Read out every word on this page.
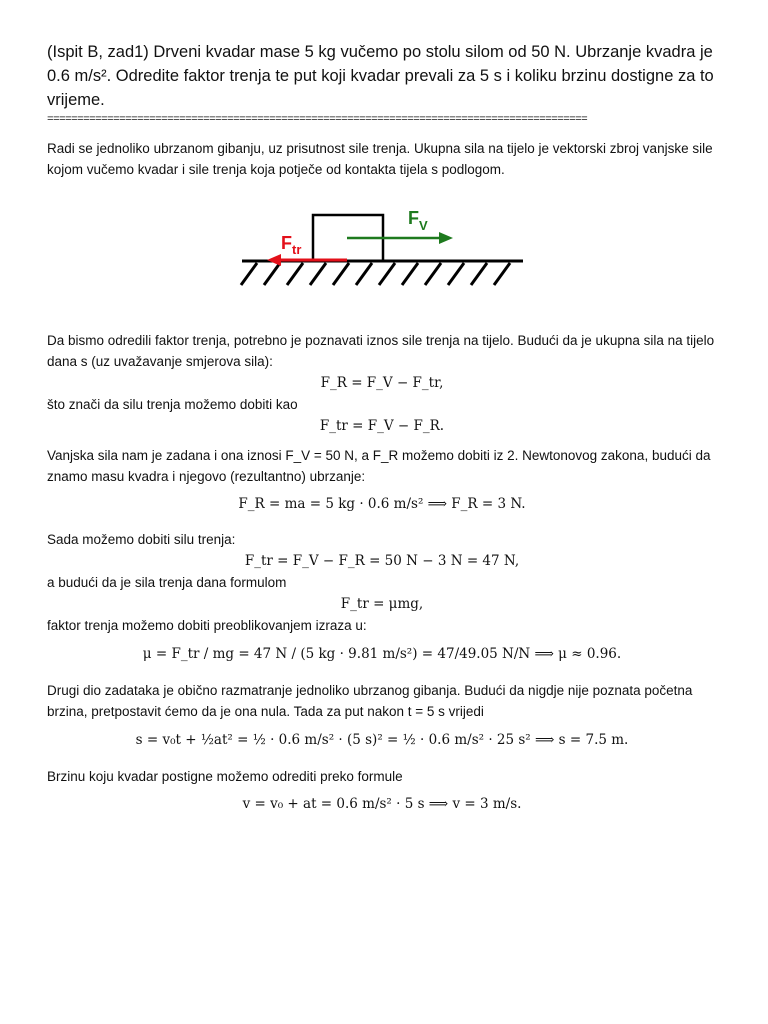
(Ispit B, zad1) Drveni kvadar mase 5 kg vučemo po stolu silom od 50 N. Ubrzanje kvadra je 0.6 m/s². Odredite faktor trenja te put koji kvadar prevali za 5 s i koliku brzinu dostigne za to vrijeme.

==========================================================================================

Radi se jednoliko ubrzanom gibanju, uz prisutnost sile trenja. Ukupna sila na tijelo je vektorski zbroj vanjske sile kojom vučemo kvadar i sile trenja koja potječe od kontakta tijela s podlogom.

$F_{tr}$
$F_V$

Da bismo odredili faktor trenja, potrebno je poznavati iznos sile trenja na tijelo. Budući da je ukupna sila na tijelo dana s (uz uvažavanje smjerova sila):

F_R = F_V − F_tr,

što znači da silu trenja možemo dobiti kao

F_tr = F_V − F_R.

Vanjska sila nam je zadana i ona iznosi F_V = 50 N, a F_R možemo dobiti iz 2. Newtonovog zakona, budući da znamo masu kvadra i njegovo (rezultantno) ubrzanje:

F_R = ma = 5 kg · 0.6 m/s² ⟹ F_R = 3 N.

Sada možemo dobiti silu trenja:

F_tr = F_V − F_R = 50 N − 3 N = 47 N,

a budući da je sila trenja dana formulom

F_tr = μmg,

faktor trenja možemo dobiti preoblikovanjem izraza u:

μ = F_tr / mg = 47 N / (5 kg · 9.81 m/s²) = 47/49.05 N/N ⟹ μ ≈ 0.96.

Drugi dio zadataka je obično razmatranje jednoliko ubrzanog gibanja. Budući da nigdje nije poznata početna brzina, pretpostavit ćemo da je ona nula. Tada za put nakon t = 5 s vrijedi

s = v₀t + ½at² = ½ · 0.6 m/s² · (5 s)² = ½ · 0.6 m/s² · 25 s² ⟹ s = 7.5 m.

Brzinu koju kvadar postigne možemo odrediti preko formule

v = v₀ + at = 0.6 m/s² · 5 s ⟹ v = 3 m/s.
